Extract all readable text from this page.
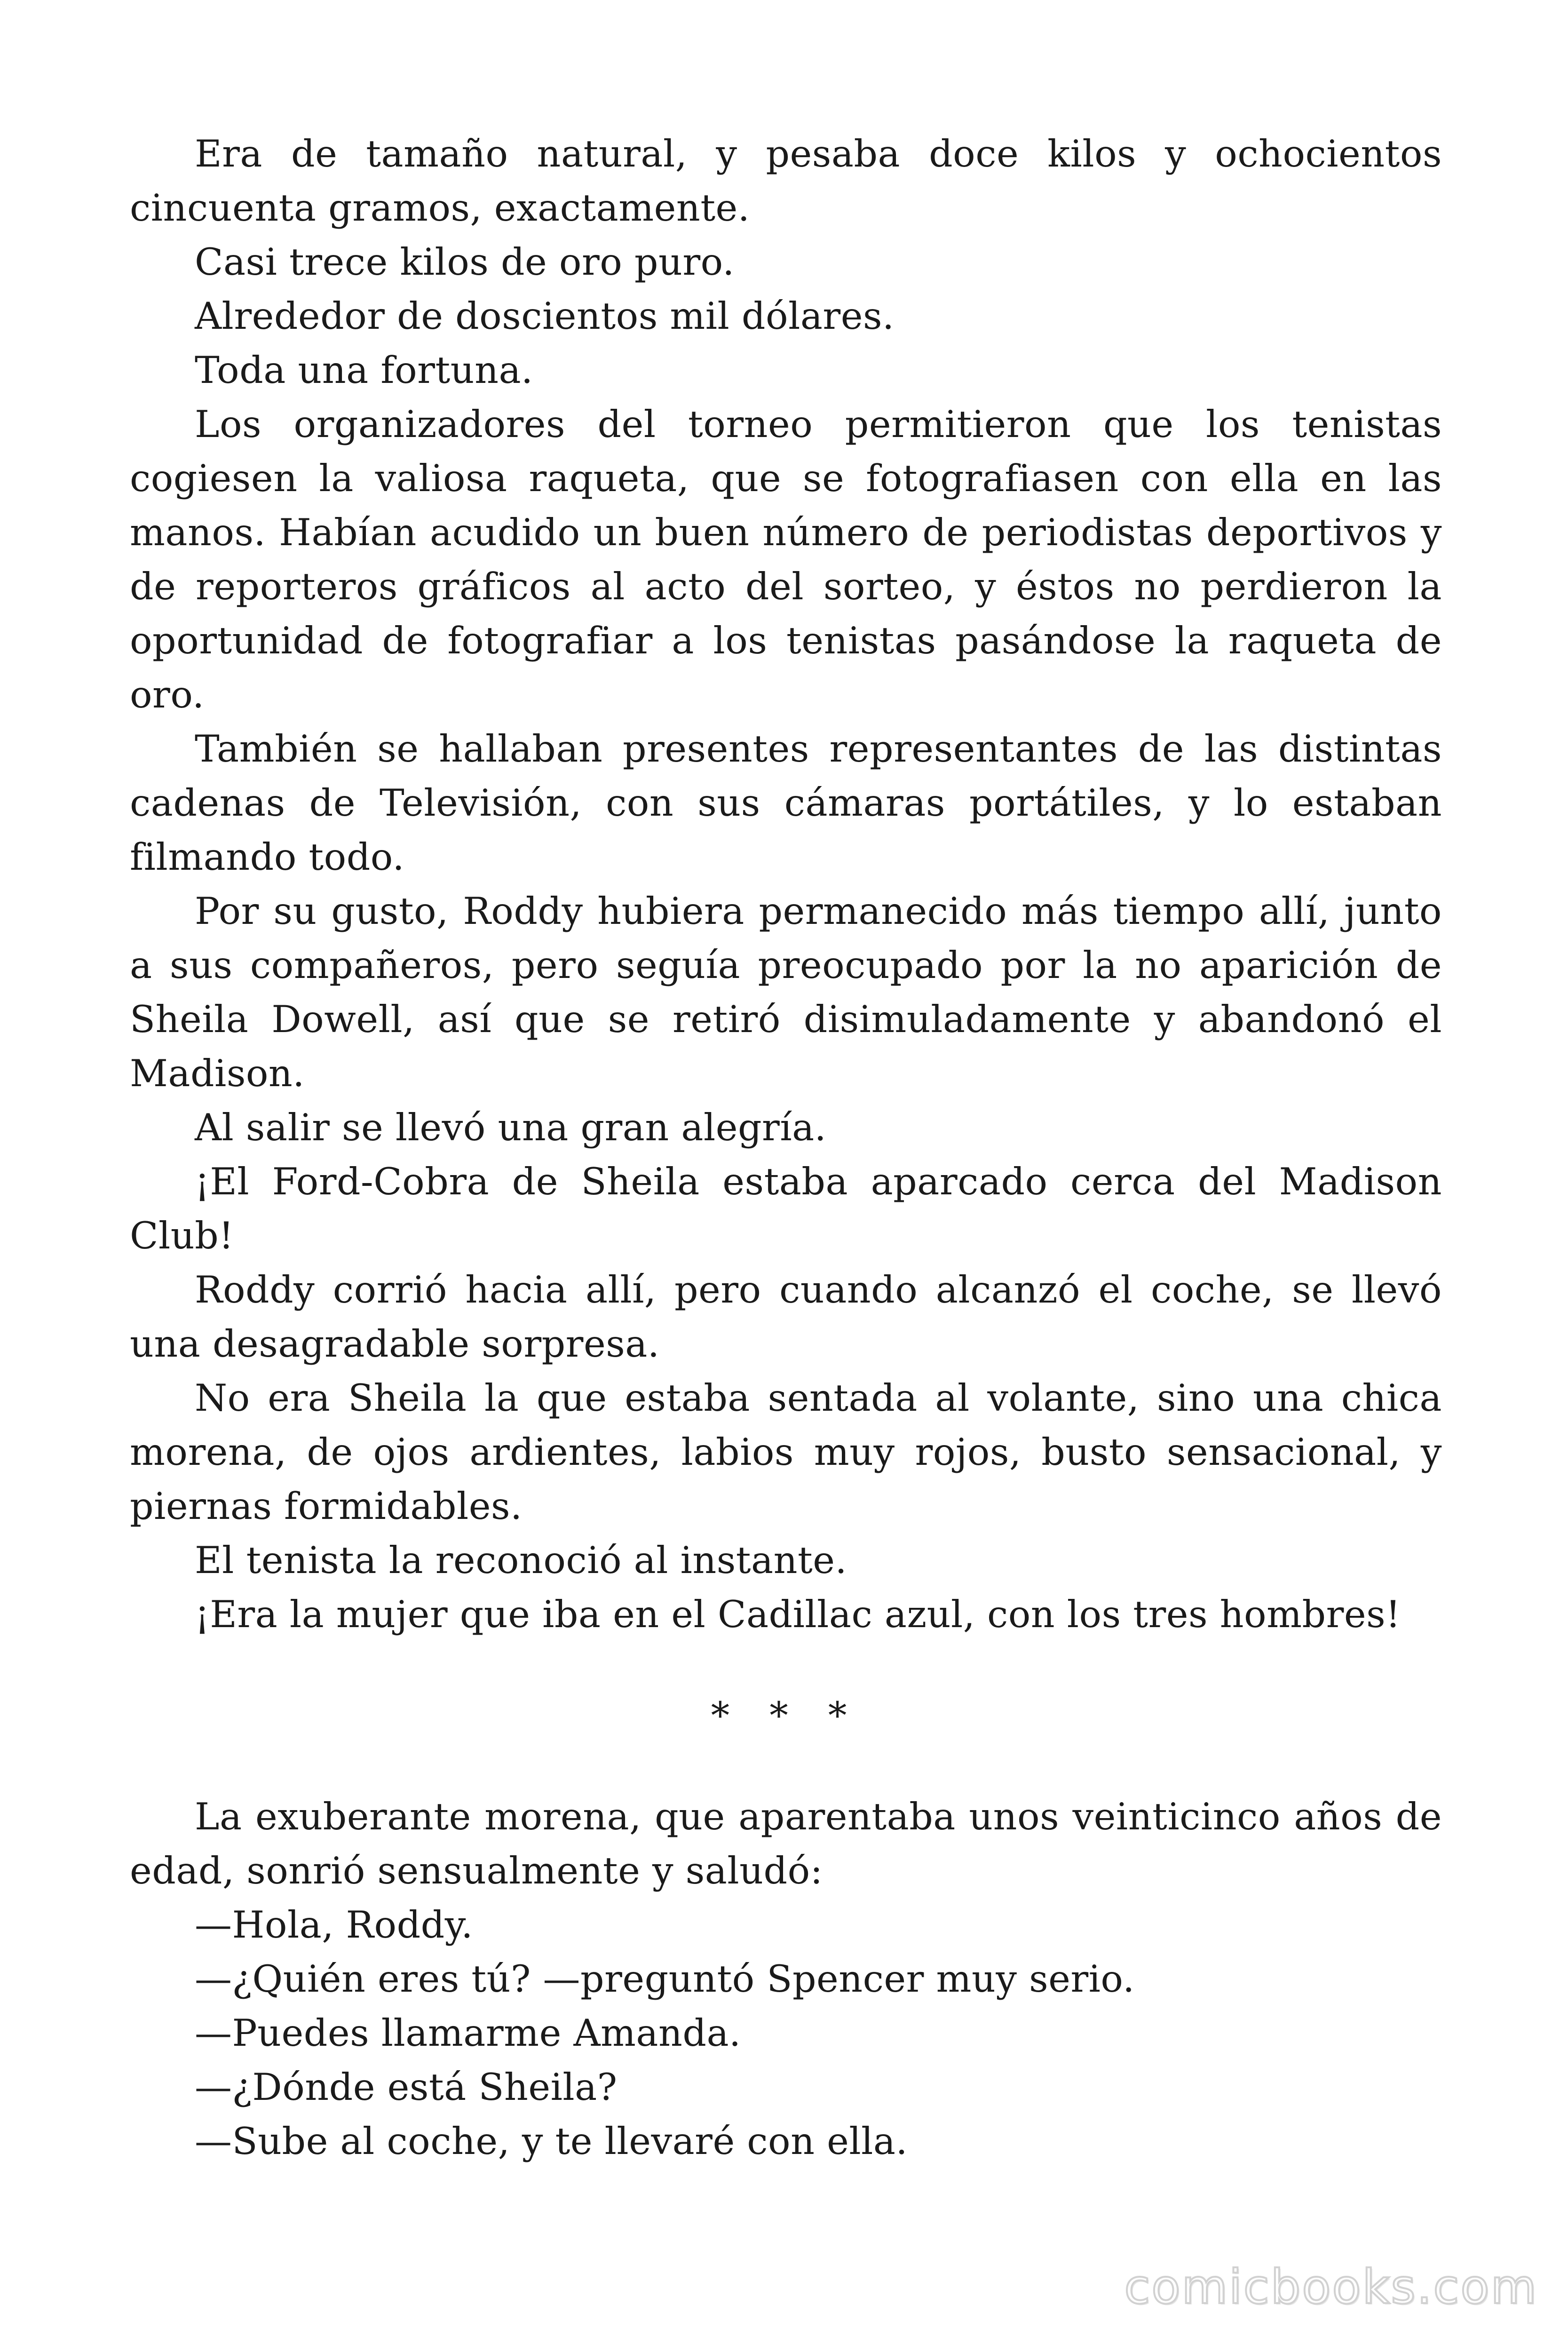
Era de tamaño natural, y pesaba doce kilos y ochocientos cincuenta gramos, exactamente.

Casi trece kilos de oro puro.

Alrededor de doscientos mil dólares.

Toda una fortuna.

Los organizadores del torneo permitieron que los tenistas cogiesen la valiosa raqueta, que se fotografiasen con ella en las manos. Habían acudido un buen número de periodistas deportivos y de reporteros gráficos al acto del sorteo, y éstos no perdieron la oportunidad de fotografiar a los tenistas pasándose la raqueta de oro.

También se hallaban presentes representantes de las distintas cadenas de Televisión, con sus cámaras portátiles, y lo estaban filmando todo.

Por su gusto, Roddy hubiera permanecido más tiempo allí, junto a sus compañeros, pero seguía preocupado por la no aparición de Sheila Dowell, así que se retiró disimuladamente y abandonó el Madison.

Al salir se llevó una gran alegría.

¡El Ford-Cobra de Sheila estaba aparcado cerca del Madison Club!

Roddy corrió hacia allí, pero cuando alcanzó el coche, se llevó una desagradable sorpresa.

No era Sheila la que estaba sentada al volante, sino una chica morena, de ojos ardientes, labios muy rojos, busto sensacional, y piernas formidables.

El tenista la reconoció al instante.

¡Era la mujer que iba en el Cadillac azul, con los tres hombres!

* * *

La exuberante morena, que aparentaba unos veinticinco años de edad, sonrió sensualmente y saludó:

—Hola, Roddy.

—¿Quién eres tú? —preguntó Spencer muy serio.

—Puedes llamarme Amanda.

—¿Dónde está Sheila?

—Sube al coche, y te llevaré con ella.

comicbooks.com
